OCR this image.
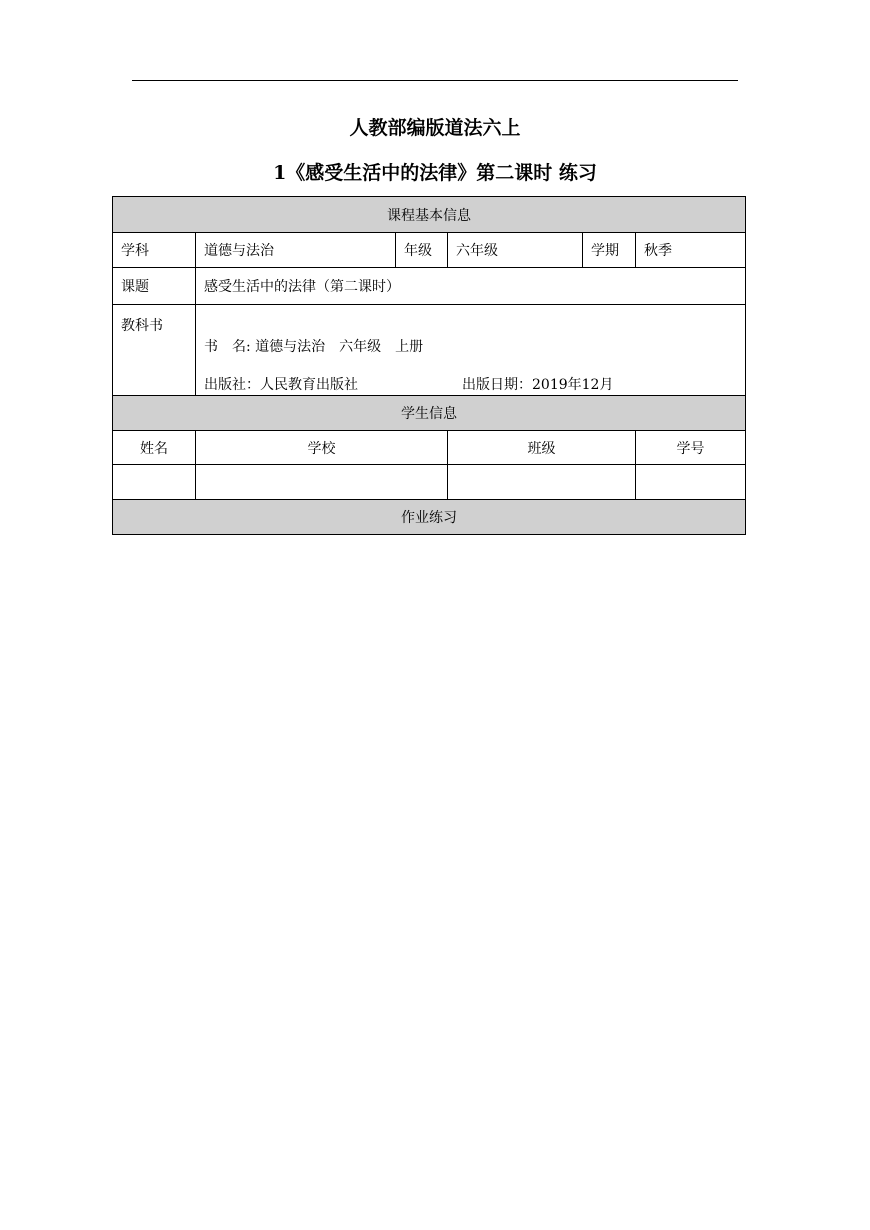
人教部编版道法六上
1《感受生活中的法律》第二课时 练习
课程基本信息					
学科	道德与法治	年级	六年级	学期	秋季
课题	感受生活中的法律（第二课时）				
教科书	书　名: 道德与法治 六年级 上册
出版社：人民教育出版社 出版日期：2019年12月				

学生信息					
姓名	学校		班级		学号

作业练习					
